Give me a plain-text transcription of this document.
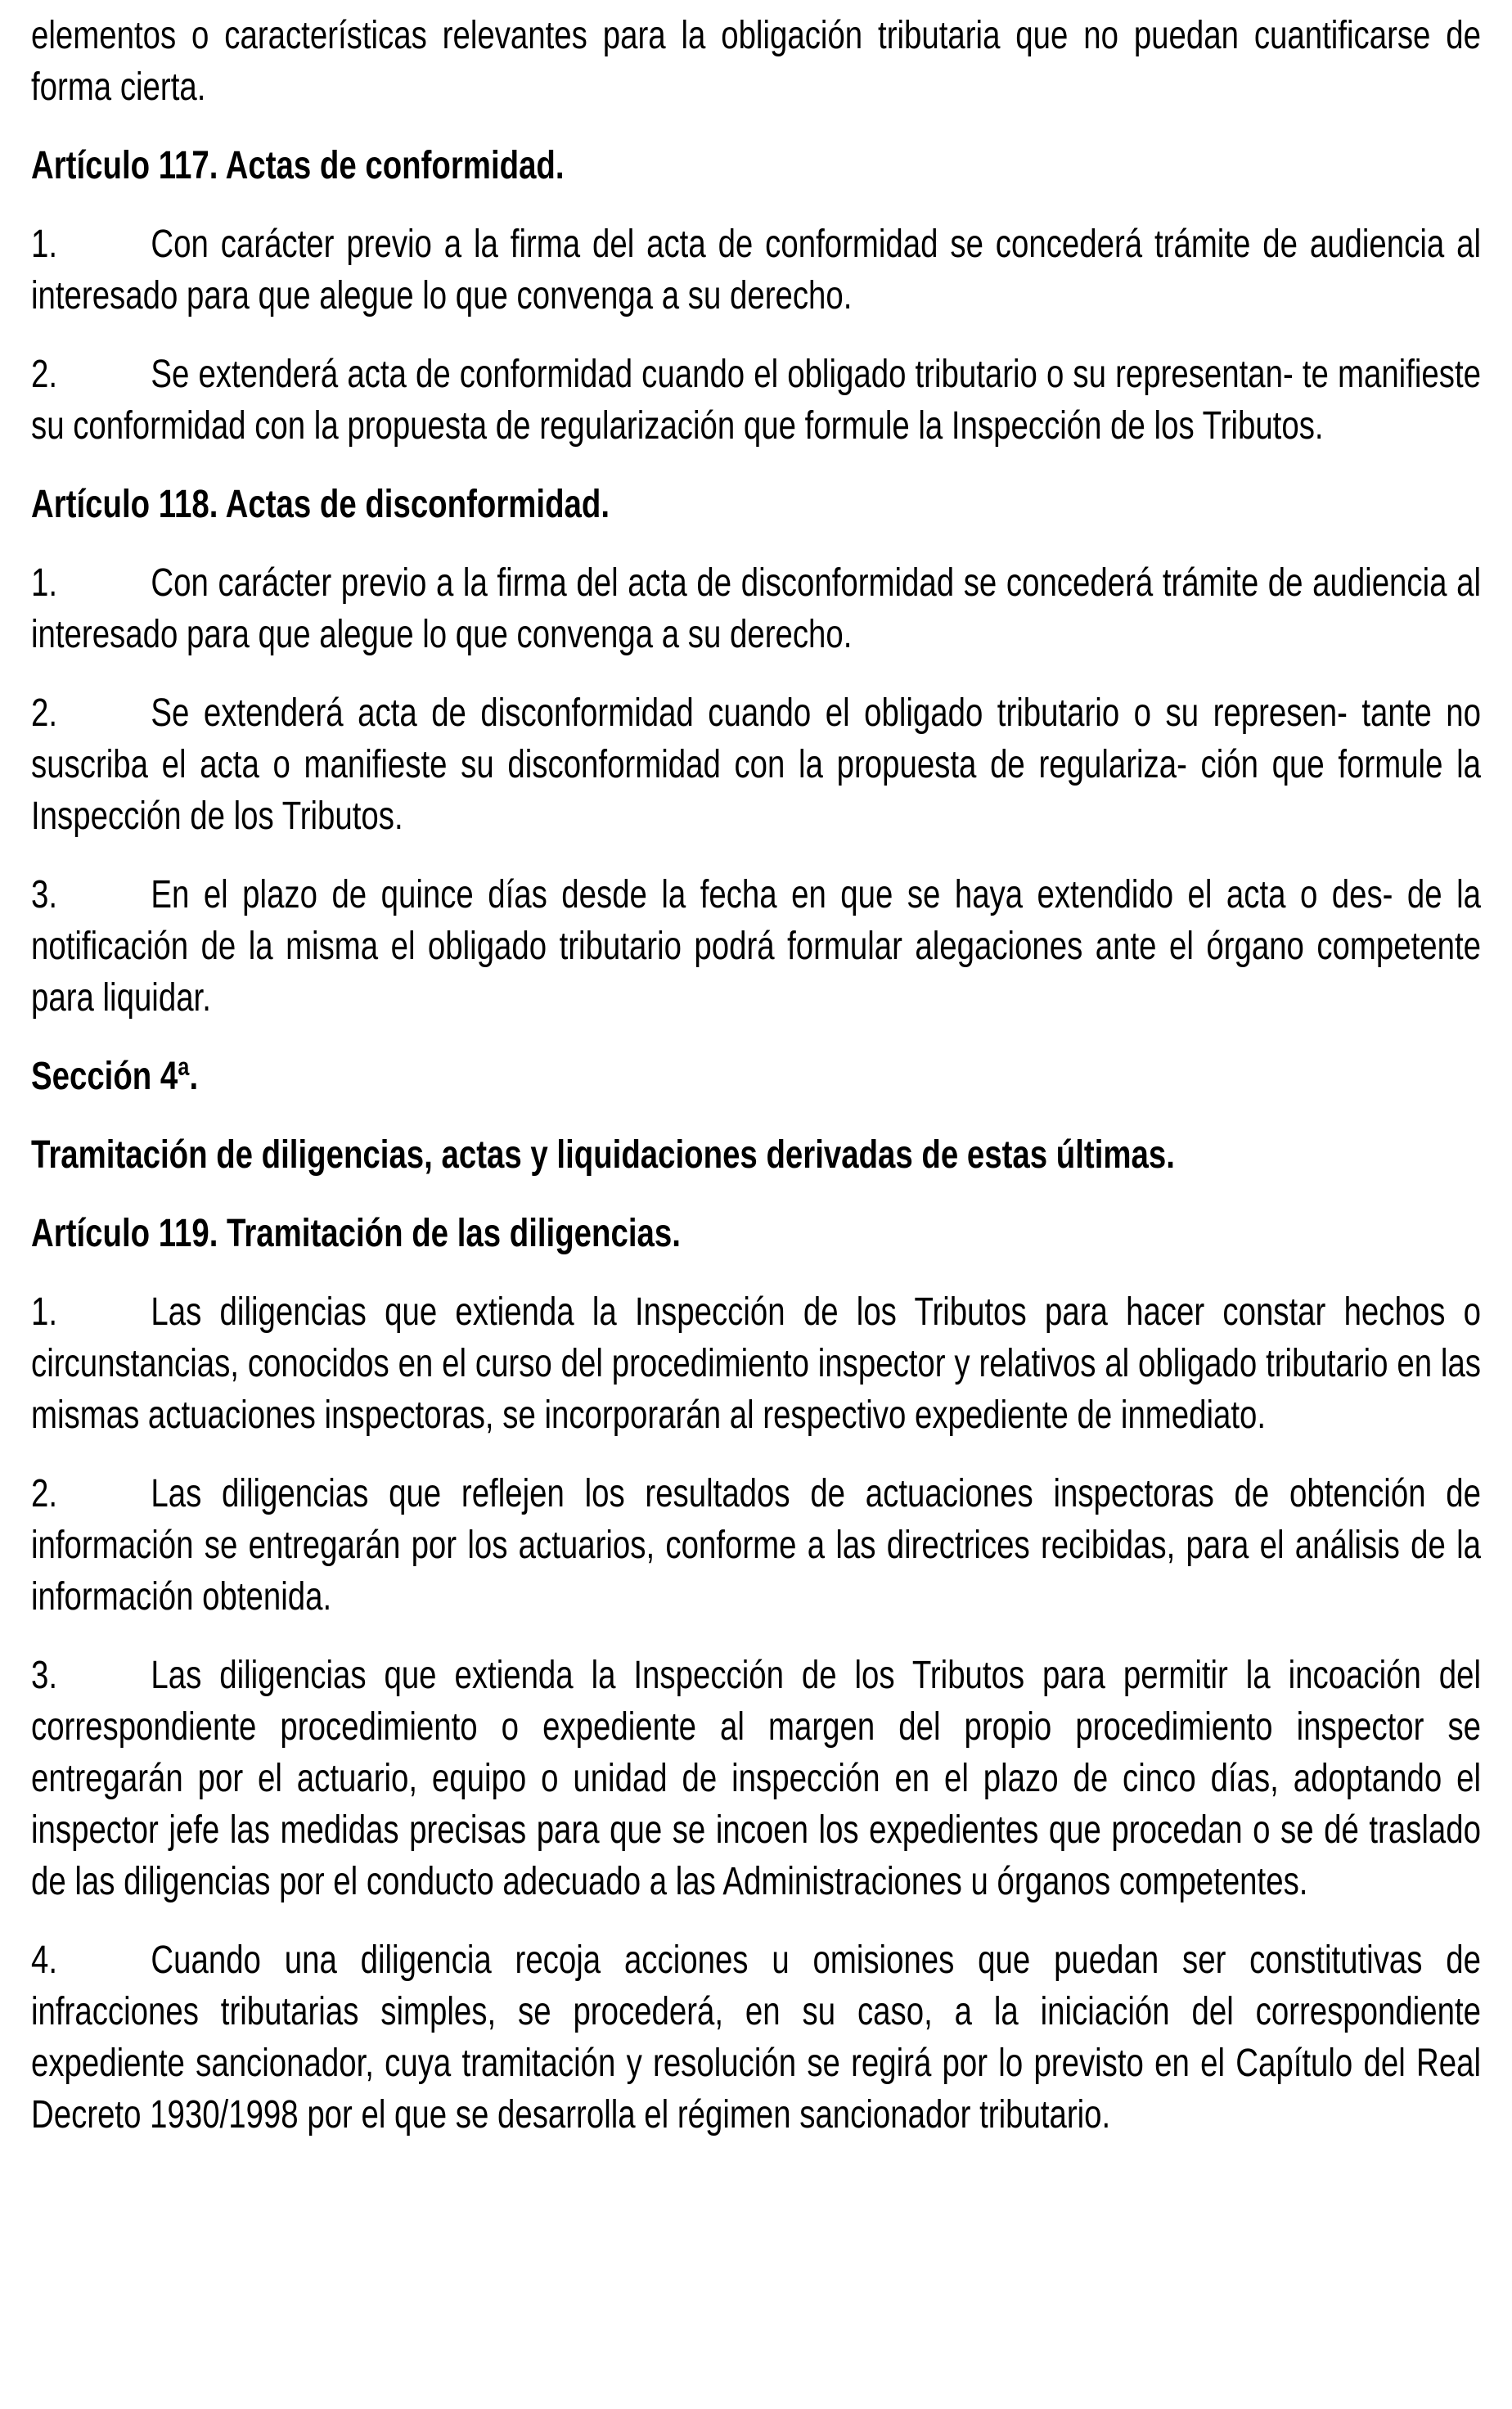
elementos o características relevantes para la obligación tributaria que no puedan cuantificarse de forma cierta.

Artículo 117. Actas de conformidad.

1. Con carácter previo a la firma del acta de conformidad se concederá trámite de audiencia al interesado para que alegue lo que convenga a su derecho.

2. Se extenderá acta de conformidad cuando el obligado tributario o su representan- te manifieste su conformidad con la propuesta de regularización que formule la Inspección de los Tributos.

Artículo 118. Actas de disconformidad.

1. Con carácter previo a la firma del acta de disconformidad se concederá trámite de audiencia al interesado para que alegue lo que convenga a su derecho.

2. Se extenderá acta de disconformidad cuando el obligado tributario o su represen- tante no suscriba el acta o manifieste su disconformidad con la propuesta de regulariza- ción que formule la Inspección de los Tributos.

3. En el plazo de quince días desde la fecha en que se haya extendido el acta o des- de la notificación de la misma el obligado tributario podrá formular alegaciones ante el órgano competente para liquidar.

Sección 4ª.

Tramitación de diligencias, actas y liquidaciones derivadas de estas últimas.

Artículo 119. Tramitación de las diligencias.

1. Las diligencias que extienda la Inspección de los Tributos para hacer constar hechos o circunstancias, conocidos en el curso del procedimiento inspector y relativos al obligado tributario en las mismas actuaciones inspectoras, se incorporarán al respectivo expediente de inmediato.

2. Las diligencias que reflejen los resultados de actuaciones inspectoras de obtención de información se entregarán por los actuarios, conforme a las directrices recibidas, para el análisis de la información obtenida.

3. Las diligencias que extienda la Inspección de los Tributos para permitir la incoación del correspondiente procedimiento o expediente al margen del propio procedimiento inspector se entregarán por el actuario, equipo o unidad de inspección en el plazo de cinco días, adoptando el inspector jefe las medidas precisas para que se incoen los expedientes que procedan o se dé traslado de las diligencias por el conducto adecuado a las Administraciones u órganos competentes.

4. Cuando una diligencia recoja acciones u omisiones que puedan ser constitutivas de infracciones tributarias simples, se procederá, en su caso, a la iniciación del correspondiente expediente sancionador, cuya tramitación y resolución se regirá por lo previsto en el Capítulo del Real Decreto 1930/1998 por el que se desarrolla el régimen sancionador tributario.
